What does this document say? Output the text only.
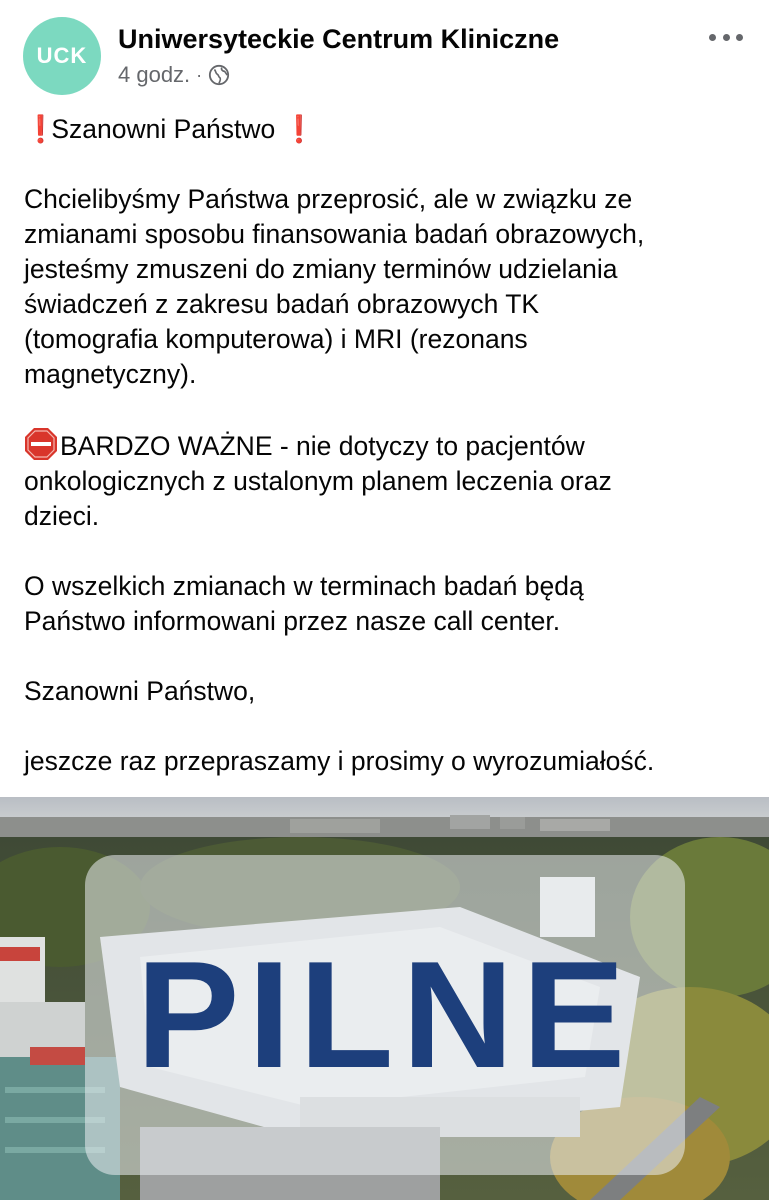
UCK
Uniwersyteckie Centrum Kliniczne
4 godz. ·

❗ Szanowni Państwo ❗

Chcielibyśmy Państwa przeprosić, ale w związku ze
zmianami sposobu finansowania badań obrazowych,
jesteśmy zmuszeni do zmiany terminów udzielania
świadczeń z zakresu badań obrazowych TK
(tomografia komputerowa) i MRI (rezonans
magnetyczny).

BARDZO WAŻNE - nie dotyczy to pacjentów
onkologicznych z ustalonym planem leczenia oraz
dzieci.

O wszelkich zmianach w terminach badań będą
Państwo informowani przez nasze call center.

Szanowni Państwo,

jeszcze raz przepraszamy i prosimy o wyrozumiałość.

PILNE
